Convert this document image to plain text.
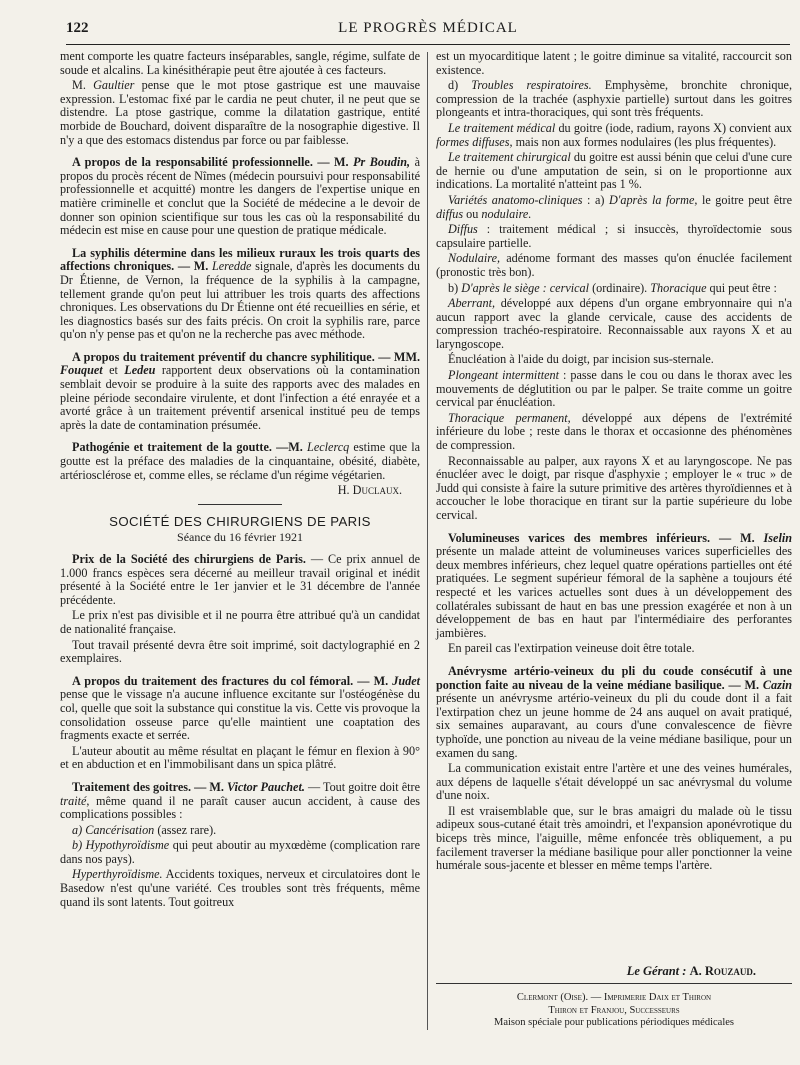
122	LE PROGRÈS MÉDICAL

ment comporte les quatre facteurs inséparables, sangle, régime, sulfate de soude et alcalins. La kinésithérapie peut être ajoutée à ces facteurs.

M. Gaultier pense que le mot ptose gastrique est une mauvaise expression. L'estomac fixé par le cardia ne peut chuter, il ne peut que se distendre. La ptose gastrique, comme la dilatation gastrique, entité morbide de Bouchard, doivent disparaître de la nosographie digestive. Il n'y a que des estomacs distendus par force ou par faiblesse.

A propos de la responsabilité professionnelle. — M. Pr Boudin, à propos du procès récent de Nîmes (médecin poursuivi pour responsabilité professionnelle et acquitté) montre les dangers de l'expertise unique en matière criminelle et conclut que la Société de médecine a le devoir de donner son opinion scientifique sur tous les cas où la responsabilité du médecin est mise en cause pour une question de pratique médicale.

La syphilis détermine dans les milieux ruraux les trois quarts des affections chroniques. — M. Leredde signale, d'après les documents du Dr Étienne, de Vernon, la fréquence de la syphilis à la campagne, tellement grande qu'on peut lui attribuer les trois quarts des affections chroniques. Les observations du Dr Étienne ont été recueillies en série, et les diagnostics basés sur des faits précis. On croit la syphilis rare, parce qu'on n'y pense pas et qu'on ne la recherche pas avec méthode.

A propos du traitement préventif du chancre syphilitique. — MM. Fouquet et Ledeu rapportent deux observations où la contamination semblait devoir se produire à la suite des rapports avec des malades en pleine période secondaire virulente, et dont l'infection a été enrayée et a avorté grâce à un traitement préventif arsenical institué peu de temps après la date de contamination présumée.

Pathogénie et traitement de la goutte. —M. Leclercq estime que la goutte est la préface des maladies de la cinquantaine, obésité, diabète, artériosclérose et, comme elles, se réclame d'un régime végétarien.

H. Duclaux.
SOCIÉTÉ DES CHIRURGIENS DE PARIS
Séance du 16 février 1921

Prix de la Société des chirurgiens de Paris. — Ce prix annuel de 1.000 francs espèces sera décerné au meilleur travail original et inédit présenté à la Société entre le 1er janvier et le 31 décembre de l'année précédente.

Le prix n'est pas divisible et il ne pourra être attribué qu'à un candidat de nationalité française.

Tout travail présenté devra être soit imprimé, soit dactylographié en 2 exemplaires.

A propos du traitement des fractures du col fémoral. — M. Judet pense que le vissage n'a aucune influence excitante sur l'ostéogénèse du col, quelle que soit la substance qui constitue la vis. Cette vis provoque la consolidation osseuse parce qu'elle maintient une coaptation des fragments exacte et serrée.

L'auteur aboutit au même résultat en plaçant le fémur en flexion à 90° et en abduction et en l'immobilisant dans un spica plâtré.

Traitement des goitres. — M. Victor Pauchet. — Tout goitre doit être traité, même quand il ne paraît causer aucun accident, à cause des complications possibles :

a) Cancérisation (assez rare).

b) Hypothyroïdisme qui peut aboutir au myxœdème (complication rare dans nos pays).

Hyperthyroïdisme. Accidents toxiques, nerveux et circulatoires dont le Basedow n'est qu'une variété. Ces troubles sont très fréquents, même quand ils sont latents. Tout goitreux

est un myocarditique latent ; le goitre diminue sa vitalité, raccourcit son existence.

d) Troubles respiratoires. Emphysème, bronchite chronique, compression de la trachée (asphyxie partielle) surtout dans les goitres plongeants et intra-thoraciques, qui sont très fréquents.

Le traitement médical du goitre (iode, radium, rayons X) convient aux formes diffuses, mais non aux formes nodulaires (les plus fréquentes).

Le traitement chirurgical du goitre est aussi bénin que celui d'une cure de hernie ou d'une amputation de sein, si on le proportionne aux indications. La mortalité n'atteint pas 1 %.

Variétés anatomo-cliniques : a) D'après la forme, le goitre peut être diffus ou nodulaire.

Diffus : traitement médical ; si insuccès, thyroïdectomie sous capsulaire partielle.

Nodulaire, adénome formant des masses qu'on énuclée facilement (pronostic très bon).

b) D'après le siège : cervical (ordinaire). Thoracique qui peut être :

Aberrant, développé aux dépens d'un organe embryonnaire qui n'a aucun rapport avec la glande cervicale, cause des accidents de compression trachéo-respiratoire. Reconnaissable aux rayons X et au laryngoscope.

Énucléation à l'aide du doigt, par incision sus-sternale.

Plongeant intermittent : passe dans le cou ou dans le thorax avec les mouvements de déglutition ou par le palper. Se traite comme un goitre cervical par énucléation.

Thoracique permanent, développé aux dépens de l'extrémité inférieure du lobe ; reste dans le thorax et occasionne des phénomènes de compression.

Reconnaissable au palper, aux rayons X et au laryngoscope. Ne pas énucléer avec le doigt, par risque d'asphyxie ; employer le « truc » de Judd qui consiste à faire la suture primitive des artères thyroïdiennes et à accoucher le lobe thoracique en tirant sur la partie supérieure du lobe cervical.

Volumineuses varices des membres inférieurs. — M. Iselin présente un malade atteint de volumineuses varices superficielles des deux membres inférieurs, chez lequel quatre opérations partielles ont été pratiquées. Le segment supérieur fémoral de la saphène a toujours été respecté et les varices actuelles sont dues à un développement des collatérales subissant de haut en bas une pression exagérée et non à un développement de bas en haut par l'intermédiaire des perforantes jambières.

En pareil cas l'extirpation veineuse doit être totale.

Anévrysme artério-veineux du pli du coude consécutif à une ponction faite au niveau de la veine médiane basilique. — M. Cazin présente un anévrysme artério-veineux du pli du coude dont il a fait l'extirpation chez un jeune homme de 24 ans auquel on avait pratiqué, six semaines auparavant, au cours d'une convalescence de fièvre typhoïde, une ponction au niveau de la veine médiane basilique, pour un examen du sang.

La communication existait entre l'artère et une des veines humérales, aux dépens de laquelle s'était développé un sac anévrysmal du volume d'une noix.

Il est vraisemblable que, sur le bras amaigri du malade où le tissu adipeux sous-cutané était très amoindri, et l'expansion aponévrotique du biceps très mince, l'aiguille, même enfoncée très obliquement, a pu facilement traverser la médiane basilique pour aller ponctionner la veine humérale sous-jacente et blesser en même temps l'artère.

Le Gérant : A. Rouzaud.
Clermont (Oise). — Imprimerie Daix et Thiron
Thiron et Franjou, Successeurs
Maison spéciale pour publications périodiques médicales
